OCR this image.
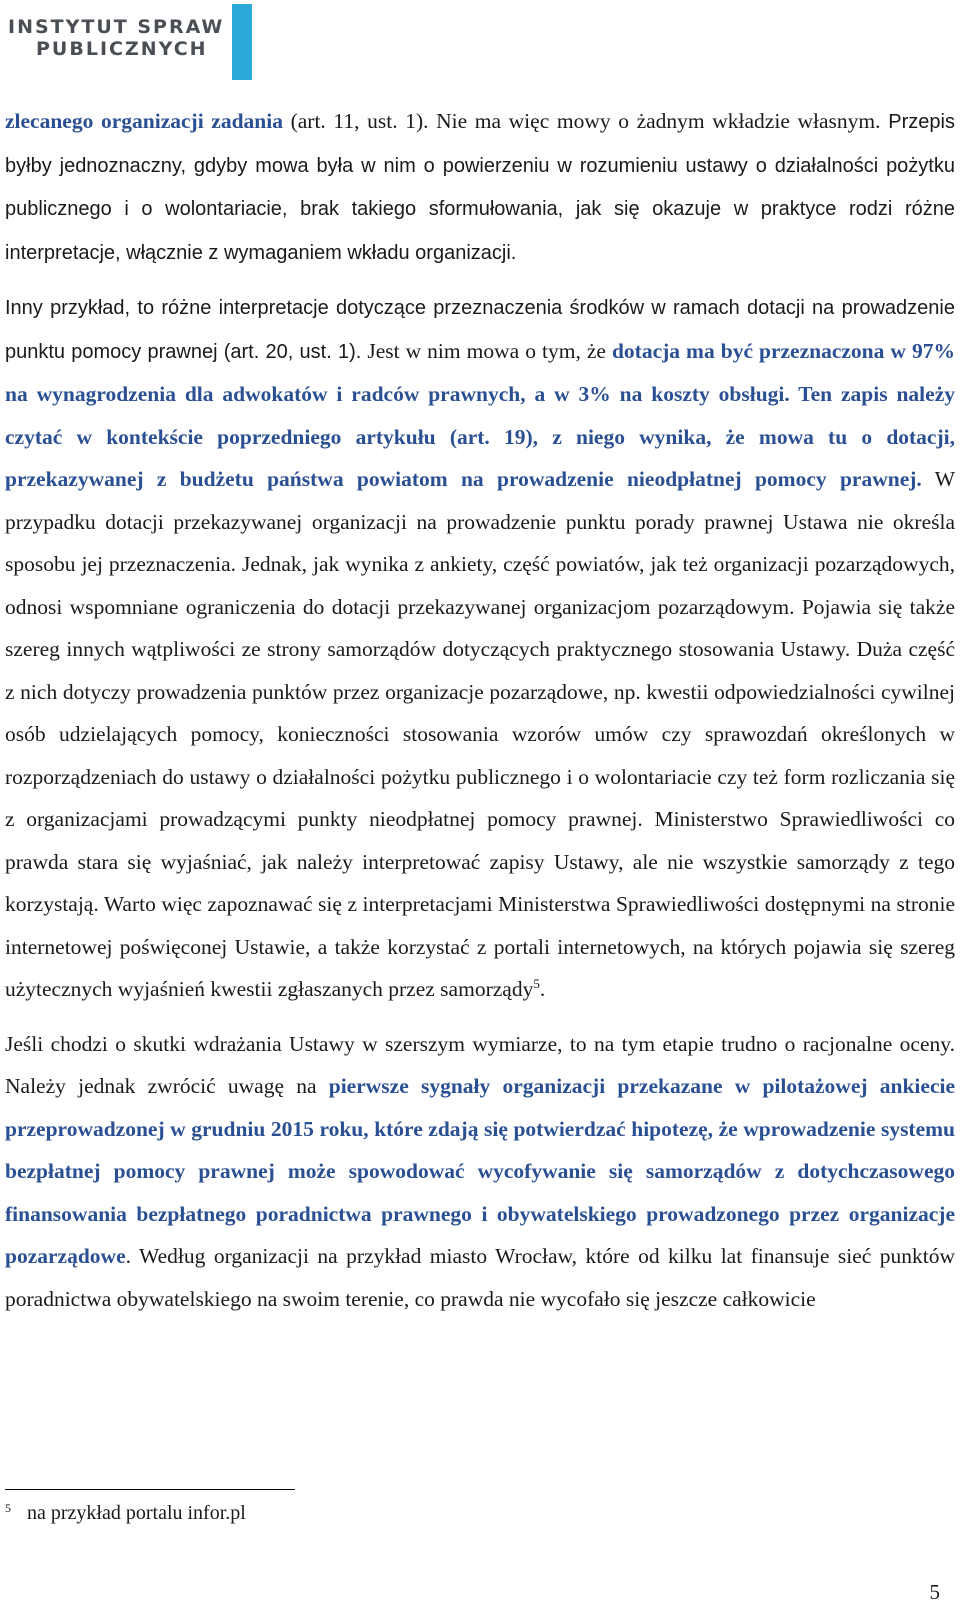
INSTYTUT SPRAW
PUBLICZNYCH

zlecanego organizacji zadania (art. 11, ust. 1). Nie ma więc mowy o żadnym wkładzie własnym. Przepis byłby jednoznaczny, gdyby mowa była w nim o powierzeniu w rozumieniu ustawy o działalności pożytku publicznego i o wolontariacie, brak takiego sformułowania, jak się okazuje w praktyce rodzi różne interpretacje, włącznie z wymaganiem wkładu organizacji.

Inny przykład, to różne interpretacje dotyczące przeznaczenia środków w ramach dotacji na prowadzenie punktu pomocy prawnej (art. 20, ust. 1). Jest w nim mowa o tym, że dotacja ma być przeznaczona w 97% na wynagrodzenia dla adwokatów i radców prawnych, a w 3% na koszty obsługi. Ten zapis należy czytać w kontekście poprzedniego artykułu (art. 19), z niego wynika, że mowa tu o dotacji, przekazywanej z budżetu państwa powiatom na prowadzenie nieodpłatnej pomocy prawnej. W przypadku dotacji przekazywanej organizacji na prowadzenie punktu porady prawnej Ustawa nie określa sposobu jej przeznaczenia. Jednak, jak wynika z ankiety, część powiatów, jak też organizacji pozarządowych, odnosi wspomniane ograniczenia do dotacji przekazywanej organizacjom pozarządowym. Pojawia się także szereg innych wątpliwości ze strony samorządów dotyczących praktycznego stosowania Ustawy. Duża część z nich dotyczy prowadzenia punktów przez organizacje pozarządowe, np. kwestii odpowiedzialności cywilnej osób udzielających pomocy, konieczności stosowania wzorów umów czy sprawozdań określonych w rozporządzeniach do ustawy o działalności pożytku publicznego i o wolontariacie czy też form rozliczania się z organizacjami prowadzącymi punkty nieodpłatnej pomocy prawnej. Ministerstwo Sprawiedliwości co prawda stara się wyjaśniać, jak należy interpretować zapisy Ustawy, ale nie wszystkie samorządy z tego korzystają. Warto więc zapoznawać się z interpretacjami Ministerstwa Sprawiedliwości dostępnymi na stronie internetowej poświęconej Ustawie, a także korzystać z portali internetowych, na których pojawia się szereg użytecznych wyjaśnień kwestii zgłaszanych przez samorządy$^5$.

Jeśli chodzi o skutki wdrażania Ustawy w szerszym wymiarze, to na tym etapie trudno o racjonalne oceny. Należy jednak zwrócić uwagę na pierwsze sygnały organizacji przekazane w pilotażowej ankiecie przeprowadzonej w grudniu 2015 roku, które zdają się potwierdzać hipotezę, że wprowadzenie systemu bezpłatnej pomocy prawnej może spowodować wycofywanie się samorządów z dotychczasowego finansowania bezpłatnego poradnictwa prawnego i obywatelskiego prowadzonego przez organizacje pozarządowe. Według organizacji na przykład miasto Wrocław, które od kilku lat finansuje sieć punktów poradnictwa obywatelskiego na swoim terenie, co prawda nie wycofało się jeszcze całkowicie

$^5$ na przykład portalu infor.pl
5
